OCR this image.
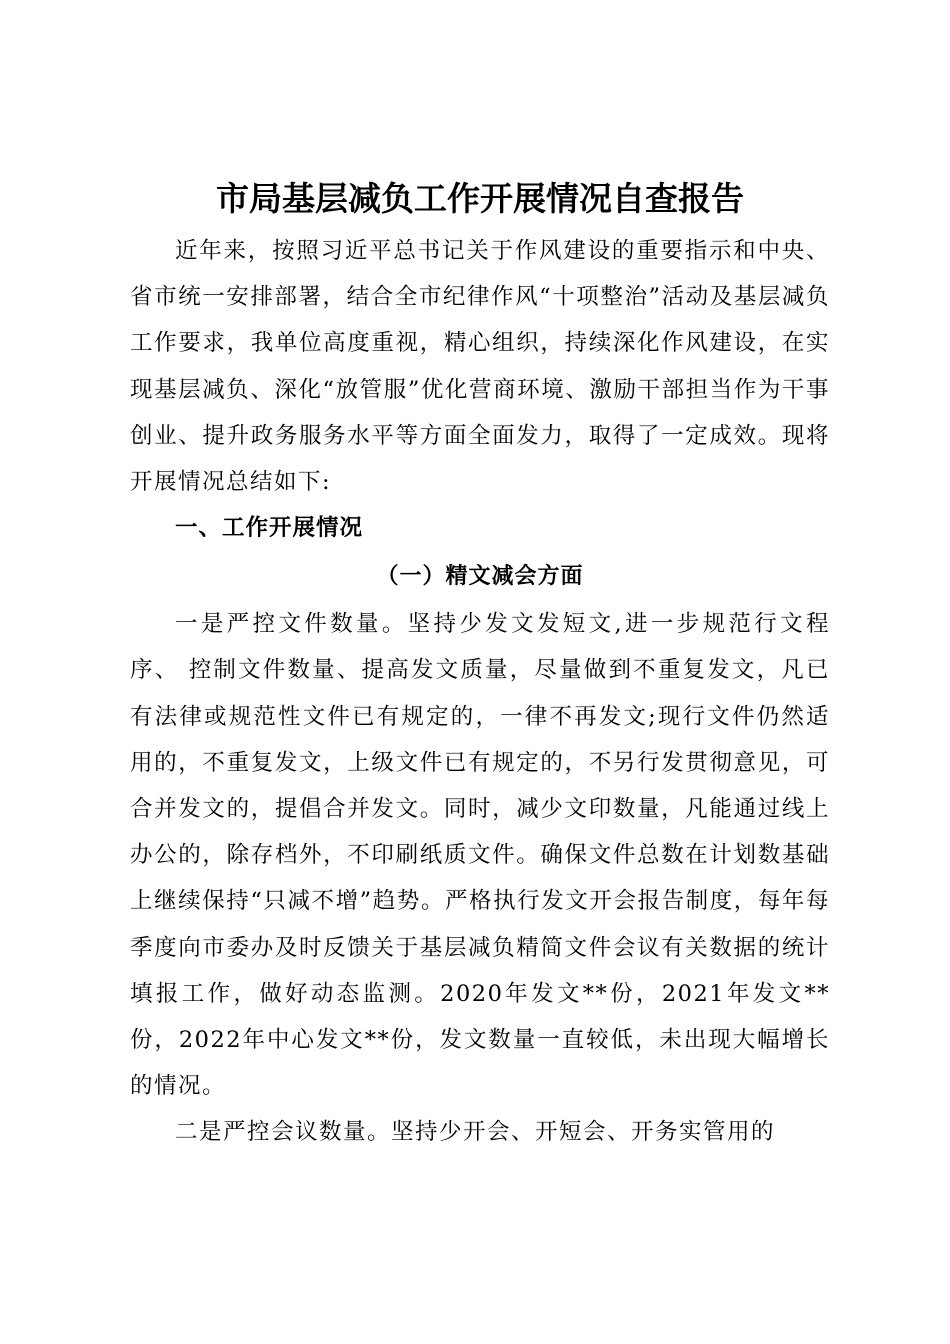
市局基层减负工作开展情况自查报告

近年来，按照习近平总书记关于作风建设的重要指示和中央、省市统一安排部署，结合全市纪律作风“十项整治”活动及基层减负工作要求，我单位高度重视，精心组织，持续深化作风建设，在实现基层减负、深化“放管服”优化营商环境、激励干部担当作为干事创业、提升政务服务水平等方面全面发力，取得了一定成效。现将开展情况总结如下:

一、工作开展情况
（一）精文减会方面

一是严控文件数量。坚持少发文发短文,进一步规范行文程序、 控制文件数量、提高发文质量，尽量做到不重复发文，凡已有法律或规范性文件已有规定的，一律不再发文;现行文件仍然适用的，不重复发文，上级文件已有规定的，不另行发贯彻意见，可合并发文的，提倡合并发文。同时，减少文印数量，凡能通过线上办公的，除存档外，不印刷纸质文件。确保文件总数在计划数基础上继续保持“只减不增”趋势。严格执行发文开会报告制度，每年每季度向市委办及时反馈关于基层减负精简文件会议有关数据的统计填报工作，做好动态监测。2020年发文**份，2021年发文**份，2022年中心发文**份，发文数量一直较低，未出现大幅增长的情况。

二是严控会议数量。坚持少开会、开短会、开务实管用的
